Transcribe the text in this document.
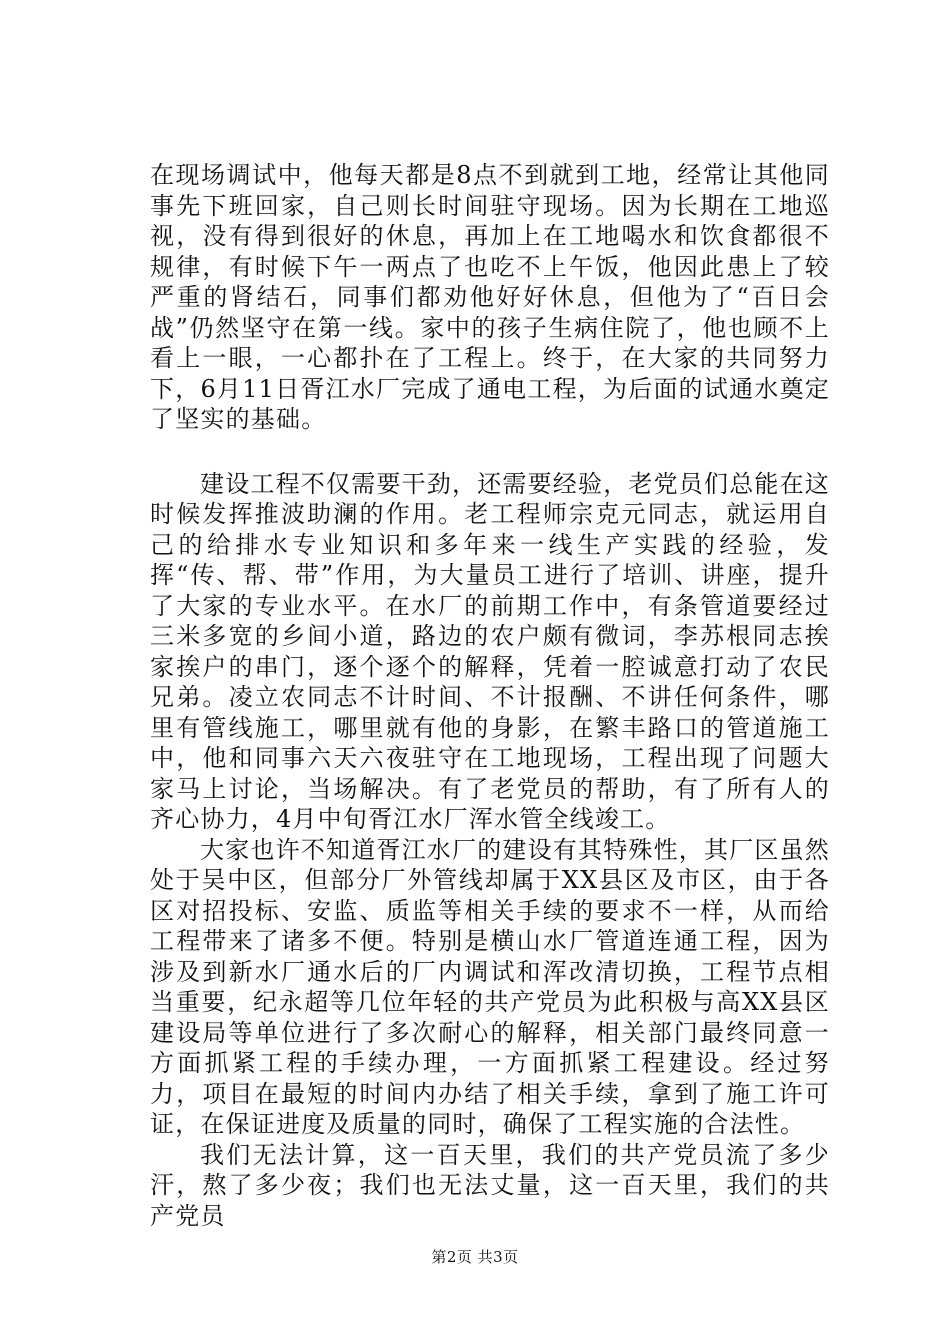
在现场调试中，他每天都是8点不到就到工地，经常让其他同事先下班回家，自己则长时间驻守现场。因为长期在工地巡视，没有得到很好的休息，再加上在工地喝水和饮食都很不规律，有时候下午一两点了也吃不上午饭，他因此患上了较严重的肾结石，同事们都劝他好好休息，但他为了“百日会战”仍然坚守在第一线。家中的孩子生病住院了，他也顾不上看上一眼，一心都扑在了工程上。终于，在大家的共同努力下，6月11日胥江水厂完成了通电工程，为后面的试通水奠定了坚实的基础。

建设工程不仅需要干劲，还需要经验，老党员们总能在这时候发挥推波助澜的作用。老工程师宗克元同志，就运用自己的给排水专业知识和多年来一线生产实践的经验，发挥“传、帮、带”作用，为大量员工进行了培训、讲座，提升了大家的专业水平。在水厂的前期工作中，有条管道要经过三米多宽的乡间小道，路边的农户颇有微词，李苏根同志挨家挨户的串门，逐个逐个的解释，凭着一腔诚意打动了农民兄弟。凌立农同志不计时间、不计报酬、不讲任何条件，哪里有管线施工，哪里就有他的身影，在繁丰路口的管道施工中，他和同事六天六夜驻守在工地现场，工程出现了问题大家马上讨论，当场解决。有了老党员的帮助，有了所有人的齐心协力，4月中旬胥江水厂浑水管全线竣工。

大家也许不知道胥江水厂的建设有其特殊性，其厂区虽然处于吴中区，但部分厂外管线却属于XX县区及市区，由于各区对招投标、安监、质监等相关手续的要求不一样，从而给工程带来了诸多不便。特别是横山水厂管道连通工程，因为涉及到新水厂通水后的厂内调试和浑改清切换，工程节点相当重要，纪永超等几位年轻的共产党员为此积极与高XX县区建设局等单位进行了多次耐心的解释，相关部门最终同意一方面抓紧工程的手续办理，一方面抓紧工程建设。经过努力，项目在最短的时间内办结了相关手续，拿到了施工许可证，在保证进度及质量的同时，确保了工程实施的合法性。

我们无法计算，这一百天里，我们的共产党员流了多少汗，熬了多少夜；我们也无法丈量，这一百天里，我们的共产党员

第2页 共3页
